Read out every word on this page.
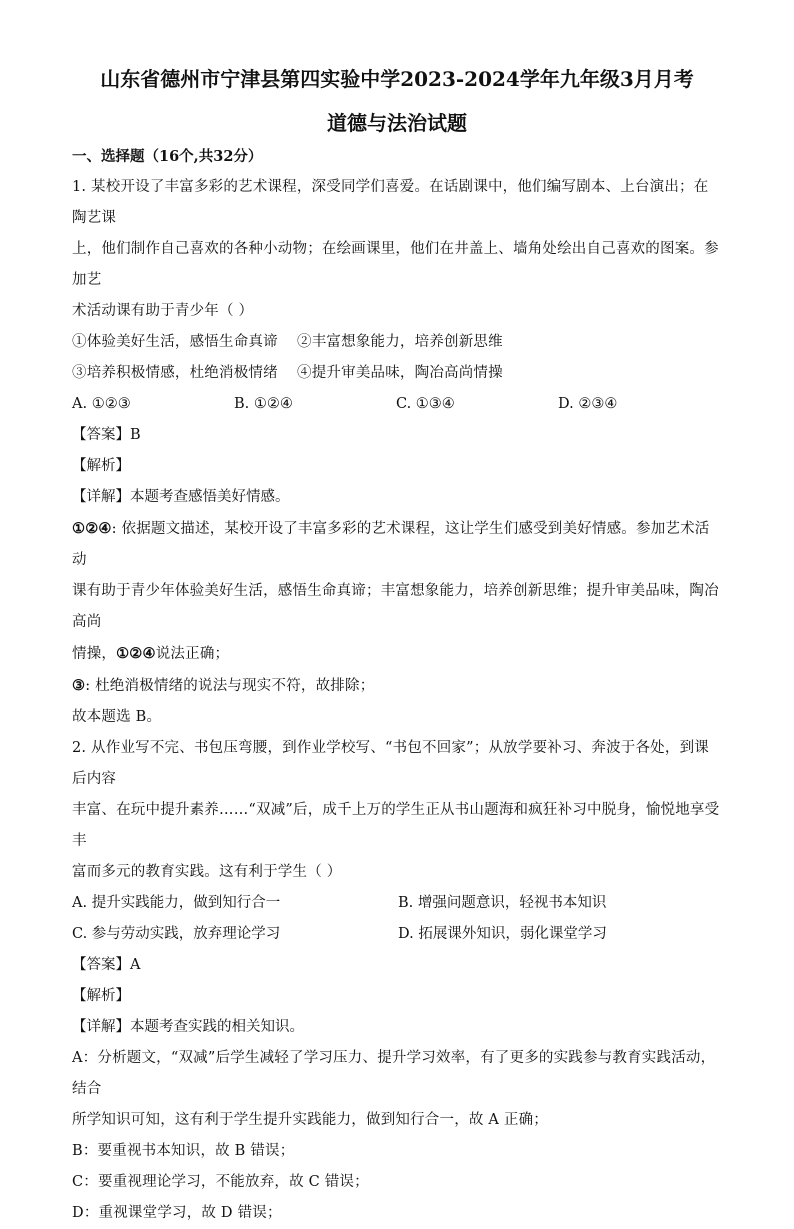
山东省德州市宁津县第四实验中学2023-2024学年九年级3月月考
道德与法治试题
一、选择题（16个,共32分）

1. 某校开设了丰富多彩的艺术课程，深受同学们喜爱。在话剧课中，他们编写剧本、上台演出；在陶艺课

上，他们制作自己喜欢的各种小动物；在绘画课里，他们在井盖上、墙角处绘出自己喜欢的图案。参加艺

术活动课有助于青少年（ ）

①体验美好生活，感悟生命真谛    ②丰富想象能力，培养创新思维

③培养积极情感，杜绝消极情绪    ④提升审美品味，陶冶高尚情操

A. ①②③	B. ①②④	C. ①③④	D. ②③④
【答案】B
【解析】
【详解】本题考查感悟美好情感。

①②④: 依据题文描述，某校开设了丰富多彩的艺术课程，这让学生们感受到美好情感。参加艺术活动

课有助于青少年体验美好生活，感悟生命真谛；丰富想象能力，培养创新思维；提升审美品味，陶冶高尚

情操，①②④说法正确；

③: 杜绝消极情绪的说法与现实不符，故排除；

故本题选 B。

2. 从作业写不完、书包压弯腰，到作业学校写、“书包不回家”；从放学要补习、奔波于各处，到课后内容

丰富、在玩中提升素养……“双减”后，成千上万的学生正从书山题海和疯狂补习中脱身，愉悦地享受丰

富而多元的教育实践。这有利于学生（ ）

A. 提升实践能力，做到知行合一	B. 增强问题意识，轻视书本知识
C. 参与劳动实践，放弃理论学习	D. 拓展课外知识，弱化课堂学习
【答案】A
【解析】
【详解】本题考查实践的相关知识。

A：分析题文，“双减”后学生减轻了学习压力、提升学习效率，有了更多的实践参与教育实践活动，结合

所学知识可知，这有利于学生提升实践能力，做到知行合一，故 A 正确；

B：要重视书本知识，故 B 错误；

C：要重视理论学习，不能放弃，故 C 错误；

D：重视课堂学习，故 D 错误；
